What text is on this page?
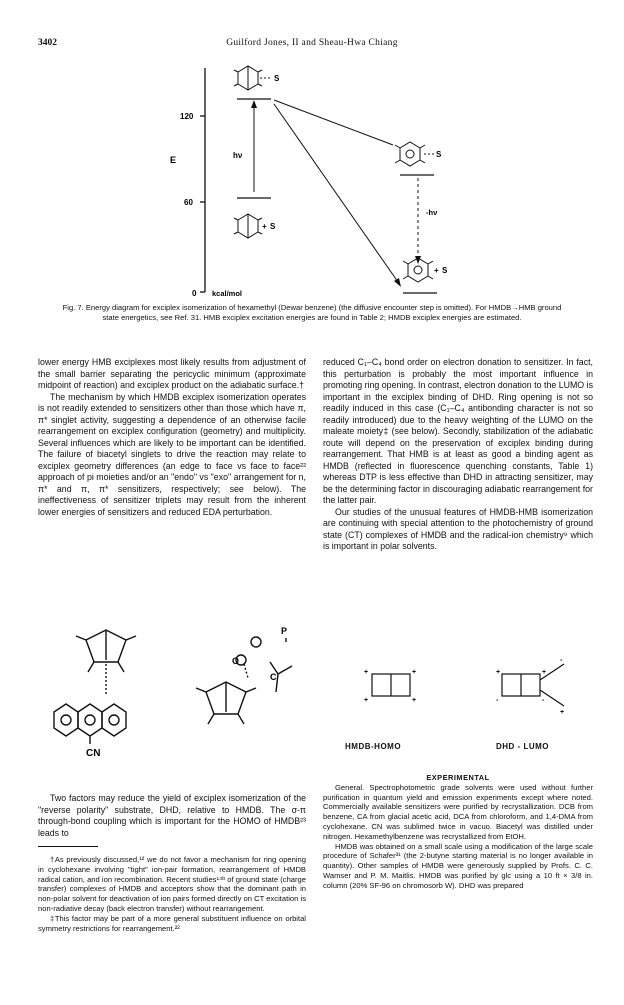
3402	Guilford Jones, II and Sheau-Hwa Chiang
120
60
0
E
kcal/mol
hν
-hν
S
+ S
S
+ S
Fig. 7. Energy diagram for exciplex isomerization of hexamethyl (Dewar benzene) (the diffusive encounter step is omitted). For HMDB→HMB ground state energetics, see Ref. 31. HMB exciplex excitation energies are found in Table 2; HMDB exciplex energies are estimated.

lower energy HMB exciplexes most likely results from adjustment of the small barrier separating the pericyclic minimum (approximate midpoint of reaction) and exciplex product on the adiabatic surface.†

The mechanism by which HMDB exciplex isomerization operates is not readily extended to sensitizers other than those which have π, π* singlet activity, suggesting a dependence of an otherwise facile rearrangement on exciplex configuration (geometry) and multiplicity. Several influences which are likely to be important can be identified. The failure of biacetyl singlets to drive the reaction may relate to exciplex geometry differences (an edge to face vs face to face²² approach of pi moieties and/or an "endo" vs "exo" arrangement for n, π* and π, π* sensitizers, respectively; see below). The ineffectiveness of sensitizer triplets may result from the inherent lower energies of sensitizers and reduced EDA perturbation.

CN
P
C
O

Two factors may reduce the yield of exciplex isomerization of the "reverse polarity" substrate, DHD, relative to HMDB. The σ-π through-bond coupling which is important for the HOMO of HMDB²³ leads to

†As previously discussed,¹² we do not favor a mechanism for ring opening in cyclohexane involving "tight" ion-pair formation, rearrangement of HMDB radical cation, and ion recombination. Recent studies¹⁴ᵇ of ground state (charge transfer) complexes of HMDB and acceptors show that the dominant path in non-polar solvent for deactivation of ion pairs formed directly on CT excitation is non-radiative decay (back electron transfer) without rearrangement.

‡This factor may be part of a more general substituent influence on orbital symmetry restrictions for rearrangement.²²

reduced C₁–C₄ bond order on electron donation to sensitizer. In fact, this perturbation is probably the most important influence in promoting ring opening. In contrast, electron donation to the LUMO is important in the exciplex binding of DHD. Ring opening is not so readily induced in this case (C₁–C₄ antibonding character is not so readily introduced) due to the heavy weighting of the LUMO on the maleate moiety‡ (see below). Secondly, stabilization of the adiabatic route will depend on the preservation of exciplex binding during rearrangement. That HMB is at least as good a binding agent as HMDB (reflected in fluorescence quenching constants, Table 1) whereas DTP is less effective than DHD in attracting sensitizer, may be the determining factor in discouraging adiabatic rearrangement for the latter pair.

Our studies of the unusual features of HMDB-HMB isomerization are continuing with special attention to the photochemistry of ground state (CT) complexes of HMDB and the radical-ion chemistry⁹ which is important in polar solvents.

+	+
+	+
+	+
-	-
-
+
HMDB-HOMO	DHD - LUMO

EXPERIMENTAL

General. Spectrophotometric grade solvents were used without further purification in quantum yield and emission experiments except where noted. Commercially available sensitizers were purified by recrystallization. DCB from benzene, CA from glacial acetic acid, DCA from chloroform, and 1,4-DMA from cyclohexane. CN was sublimed twice in vacuo. Biacetyl was distilled under nitrogen. Hexamethylbenzene was recrystallized from EtOH.

HMDB was obtained on a small scale using a modification of the large scale procedure of Schafer³¹ (the 2-butyne starting material is no longer available in quantity). Other samples of HMDB were generously supplied by Profs. C. C. Wamser and P. M. Maitlis. HMDB was purified by glc using a 10 ft × 3/8 in. column (20% SF-96 on chromosorb W). DHD was prepared
